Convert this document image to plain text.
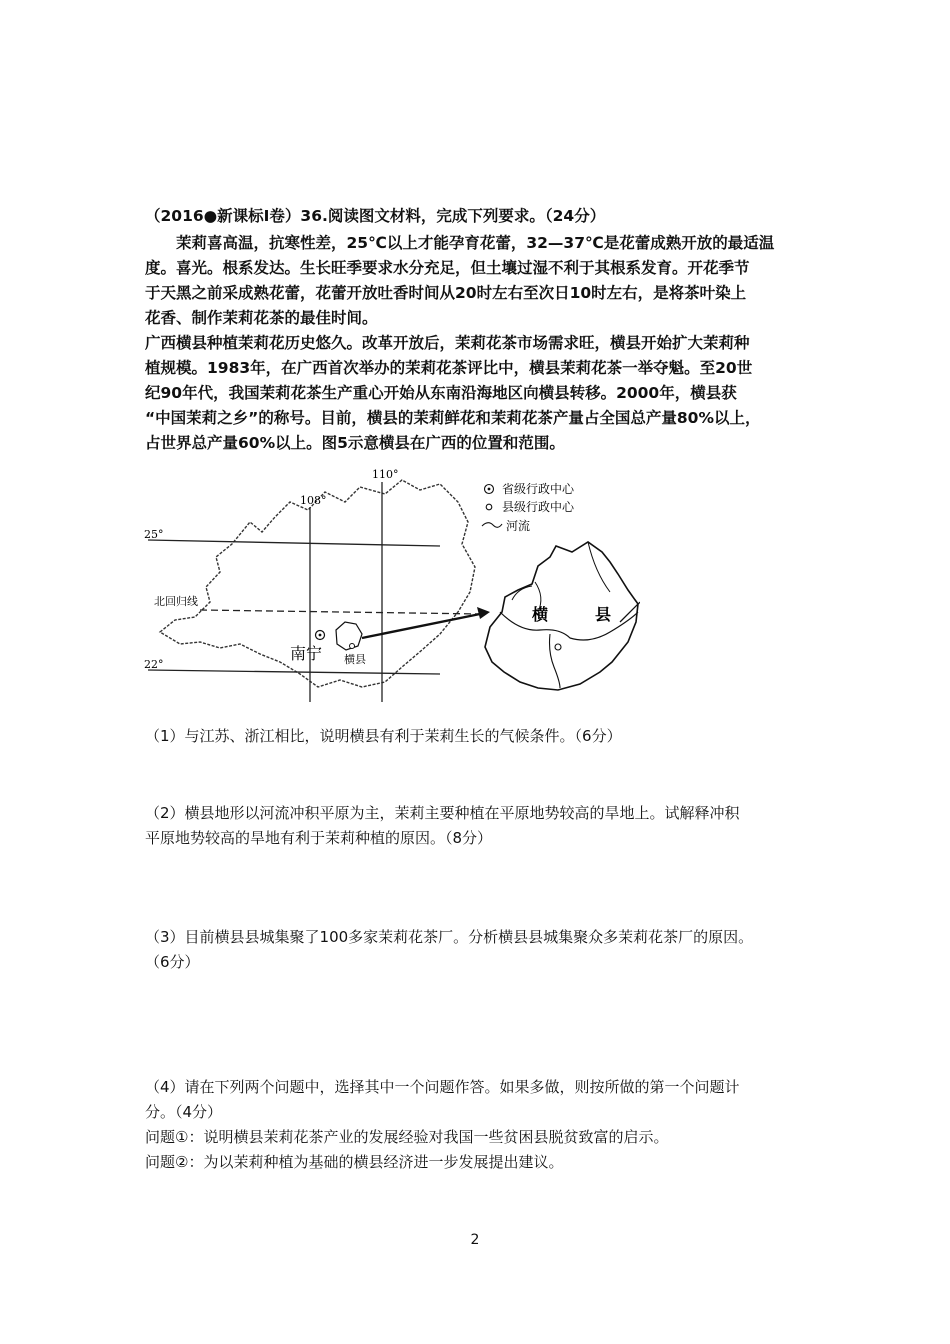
（2016●新课标Ⅰ卷）36.阅读图文材料，完成下列要求。（24分）
　　茉莉喜高温，抗寒性差，25℃以上才能孕育花蕾，32—37℃是花蕾成熟开放的最适温
度。喜光。根系发达。生长旺季要求水分充足，但土壤过湿不利于其根系发育。开花季节
于天黑之前采成熟花蕾，花蕾开放吐香时间从20时左右至次日10时左右，是将茶叶染上
花香、制作茉莉花茶的最佳时间。
广西横县种植茉莉花历史悠久。改革开放后，茉莉花茶市场需求旺，横县开始扩大茉莉种
植规模。1983年，在广西首次举办的茉莉花茶评比中，横县茉莉花茶一举夺魁。至20世
纪90年代，我国茉莉花茶生产重心开始从东南沿海地区向横县转移。2000年，横县获
“中国茉莉之乡”的称号。目前，横县的茉莉鲜花和茉莉花茶产量占全国总产量80%以上，
占世界总产量60%以上。图5示意横县在广西的位置和范围。
110°
108°
25°
22°
北回归线
南宁 横县
省级行政中心
县级行政中心
河流
横	县
（1）与江苏、浙江相比，说明横县有利于茉莉生长的气候条件。（6分）
（2）横县地形以河流冲积平原为主，茉莉主要种植在平原地势较高的旱地上。试解释冲积
平原地势较高的旱地有利于茉莉种植的原因。（8分）
（3）目前横县县城集聚了100多家茉莉花茶厂。分析横县县城集聚众多茉莉花茶厂的原因。
（6分）
（4）请在下列两个问题中，选择其中一个问题作答。如果多做，则按所做的第一个问题计
分。（4分）
问题①：说明横县茉莉花茶产业的发展经验对我国一些贫困县脱贫致富的启示。
问题②：为以茉莉种植为基础的横县经济进一步发展提出建议。
2
